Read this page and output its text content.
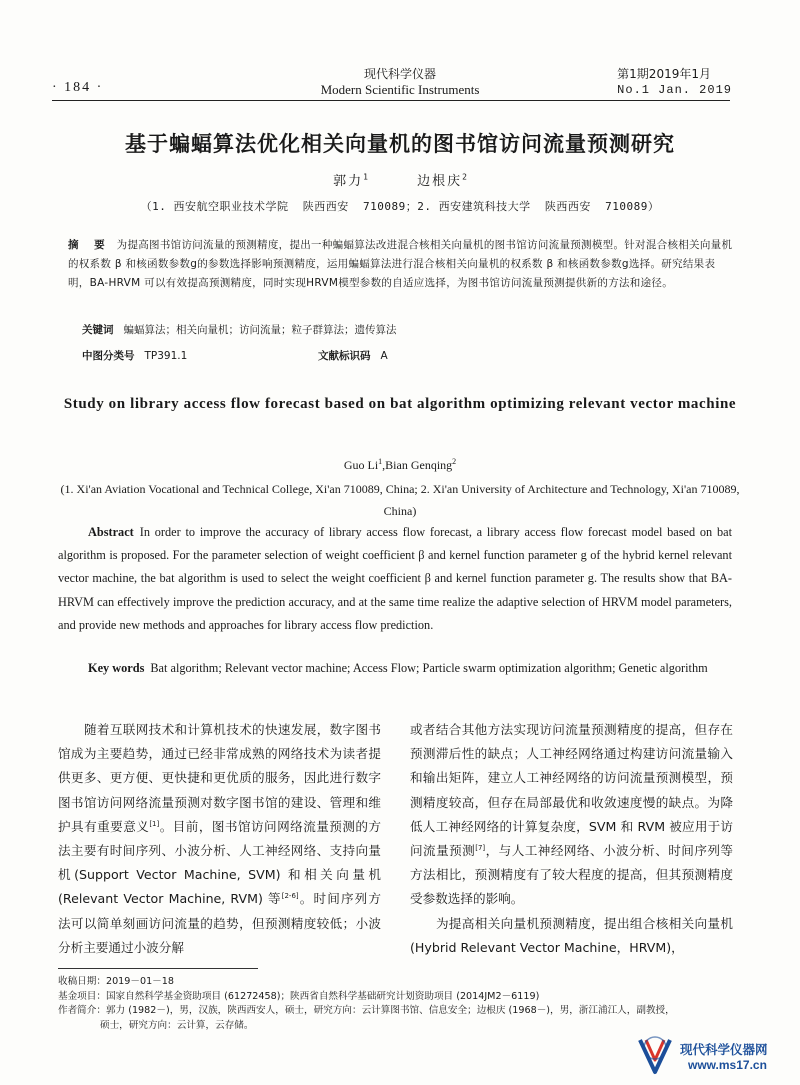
· 184 ·
现代科学仪器
Modern Scientific Instruments
第1期2019年1月
No.1 Jan. 2019
基于蝙蝠算法优化相关向量机的图书馆访问流量预测研究
郭力$^1$	边根庆$^2$
（1. 西安航空职业技术学院  陕西西安  710089；2. 西安建筑科技大学  陕西西安  710089）
摘 要 为提高图书馆访问流量的预测精度，提出一种蝙蝠算法改进混合核相关向量机的图书馆访问流量预测模型。针对混合核相关向量机的权系数 β 和核函数参数g的参数选择影响预测精度，运用蝙蝠算法进行混合核相关向量机的权系数 β 和核函数参数g选择。研究结果表明，BA-HRVM 可以有效提高预测精度，同时实现HRVM模型参数的自适应选择，为图书馆访问流量预测提供新的方法和途径。
关键词 蝙蝠算法；相关向量机；访问流量；粒子群算法；遗传算法
中图分类号 TP391.1	文献标识码 A
Study on library access flow forecast based on bat algorithm optimizing relevant vector machine
Guo Li$^1$,Bian Genqing$^2$
(1. Xi'an Aviation Vocational and Technical College, Xi'an 710089, China; 2. Xi'an University of Architecture and Technology, Xi'an 710089, China)
Abstract In order to improve the accuracy of library access flow forecast, a library access flow forecast model based on bat algorithm is proposed. For the parameter selection of weight coefficient β and kernel function parameter g of the hybrid kernel relevant vector machine, the bat algorithm is used to select the weight coefficient β and kernel function parameter g. The results show that BA-HRVM can effectively improve the prediction accuracy, and at the same time realize the adaptive selection of HRVM model parameters, and provide new methods and approaches for library access flow prediction.
Key words Bat algorithm; Relevant vector machine; Access Flow; Particle swarm optimization algorithm; Genetic algorithm
随着互联网技术和计算机技术的快速发展，数字图书馆成为主要趋势，通过已经非常成熟的网络技术为读者提供更多、更方便、更快捷和更优质的服务，因此进行数字图书馆访问网络流量预测对数字图书馆的建设、管理和维护具有重要意义[1]。目前，图书馆访问网络流量预测的方法主要有时间序列、小波分析、人工神经网络、支持向量机(Support Vector Machine, SVM) 和相关向量机 (Relevant Vector Machine, RVM) 等[2-6]。时间序列方法可以简单刻画访问流量的趋势，但预测精度较低；小波分析主要通过小波分解
或者结合其他方法实现访问流量预测精度的提高，但存在预测滞后性的缺点；人工神经网络通过构建访问流量输入和输出矩阵，建立人工神经网络的访问流量预测模型，预测精度较高，但存在局部最优和收敛速度慢的缺点。为降低人工神经网络的计算复杂度，SVM 和 RVM 被应用于访问流量预测[7]，与人工神经网络、小波分析、时间序列等方法相比，预测精度有了较大程度的提高，但其预测精度受参数选择的影响。
为提高相关向量机预测精度，提出组合核相关向量机(Hybrid Relevant Vector Machine，HRVM)，
收稿日期：2019－01－18
基金项目：国家自然科学基金资助项目 (61272458)；陕西省自然科学基础研究计划资助项目 (2014JM2－6119)
作者简介：郭力 (1982－)，男，汉族，陕西西安人，硕士，研究方向：云计算图书馆、信息安全；边根庆 (1968－)，男，浙江浦江人，副教授，
硕士，研究方向：云计算，云存储。
现代科学仪器网
www.ms17.cn
